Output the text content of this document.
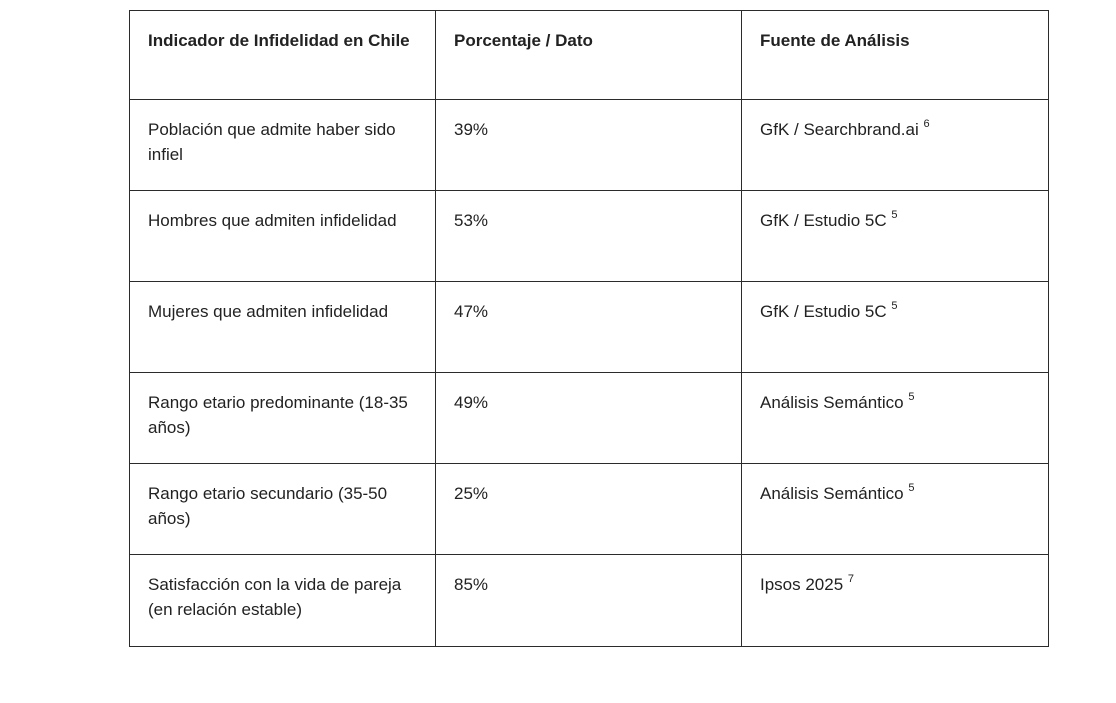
Indicador de Infidelidad en Chile	Porcentaje / Dato	Fuente de Análisis
Población que admite haber sido infiel	39%	GfK / Searchbrand.ai $^6$
Hombres que admiten infidelidad	53%	GfK / Estudio 5C $^5$
Mujeres que admiten infidelidad	47%	GfK / Estudio 5C $^5$
Rango etario predominante (18-35 años)	49%	Análisis Semántico $^5$
Rango etario secundario (35-50 años)	25%	Análisis Semántico $^5$
Satisfacción con la vida de pareja (en relación estable)	85%	Ipsos 2025 $^7$
